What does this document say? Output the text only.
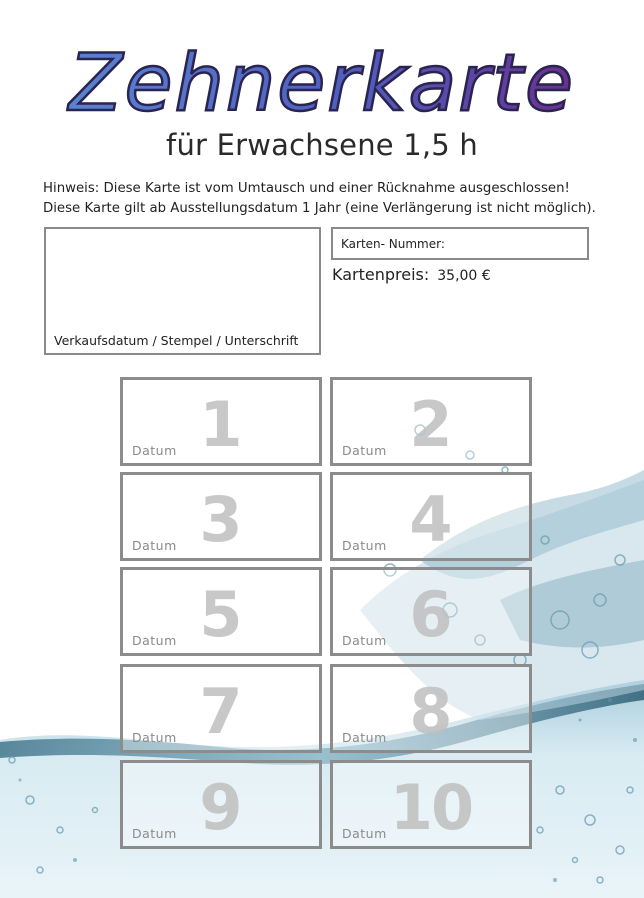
Zehnerkarte
für Erwachsene 1,5 h
Hinweis: Diese Karte ist vom Umtausch und einer Rücknahme ausgeschlossen!
Diese Karte gilt ab Ausstellungsdatum 1 Jahr (eine Verlängerung ist nicht möglich).
Verkaufsdatum / Stempel / Unterschrift
Karten- Nummer:
Kartenpreis: 35,00 €
1
Datum	2
Datum
3
Datum	4
Datum
5
Datum	6
Datum
7
Datum	8
Datum
9
Datum	10
Datum
